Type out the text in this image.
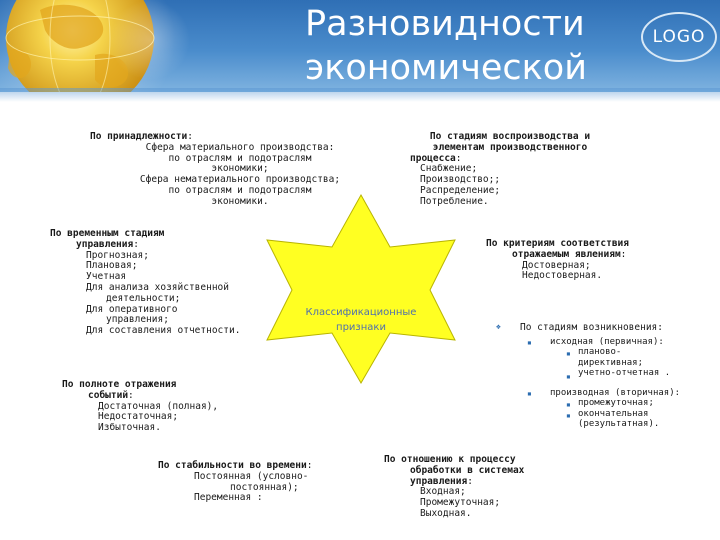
Разновидности
экономической
LOGO
Классификационные
признаки
По принадлежности:
Сфера материального производства:
по отраслям и подотраслям
экономики;
Сфера нематериального производства;
по отраслям и подотраслям
экономики.
По стадиям воспроизводства и
элементам производственного
процесса:
Снабжение;
Производство;;
Распределение;
Потребление.
По временным стадиям
управления:
Прогнозная;
Плановая;
Учетная
Для анализа хозяйственной
деятельности;
Для оперативного
управления;
Для составления отчетности.
По критериям соответствия
отражаемым явлениям:
Достоверная;
Недостоверная.
❖ По стадиям возникновения:
▪ исходная (первичная):
планово-
директивная;
учетно-отчетная .
▪
▪
▪ производная (вторичная):
промежуточная;
окончательная
(результатная).
▪
▪
По полноте отражения
событий:
Достаточная (полная),
Недостаточная;
Избыточная.
По стабильности во времени:
Постоянная (условно-
постоянная);
Переменная :
По отношению к процессу
обработки в системах
управления:
Входная;
Промежуточная;
Выходная.
